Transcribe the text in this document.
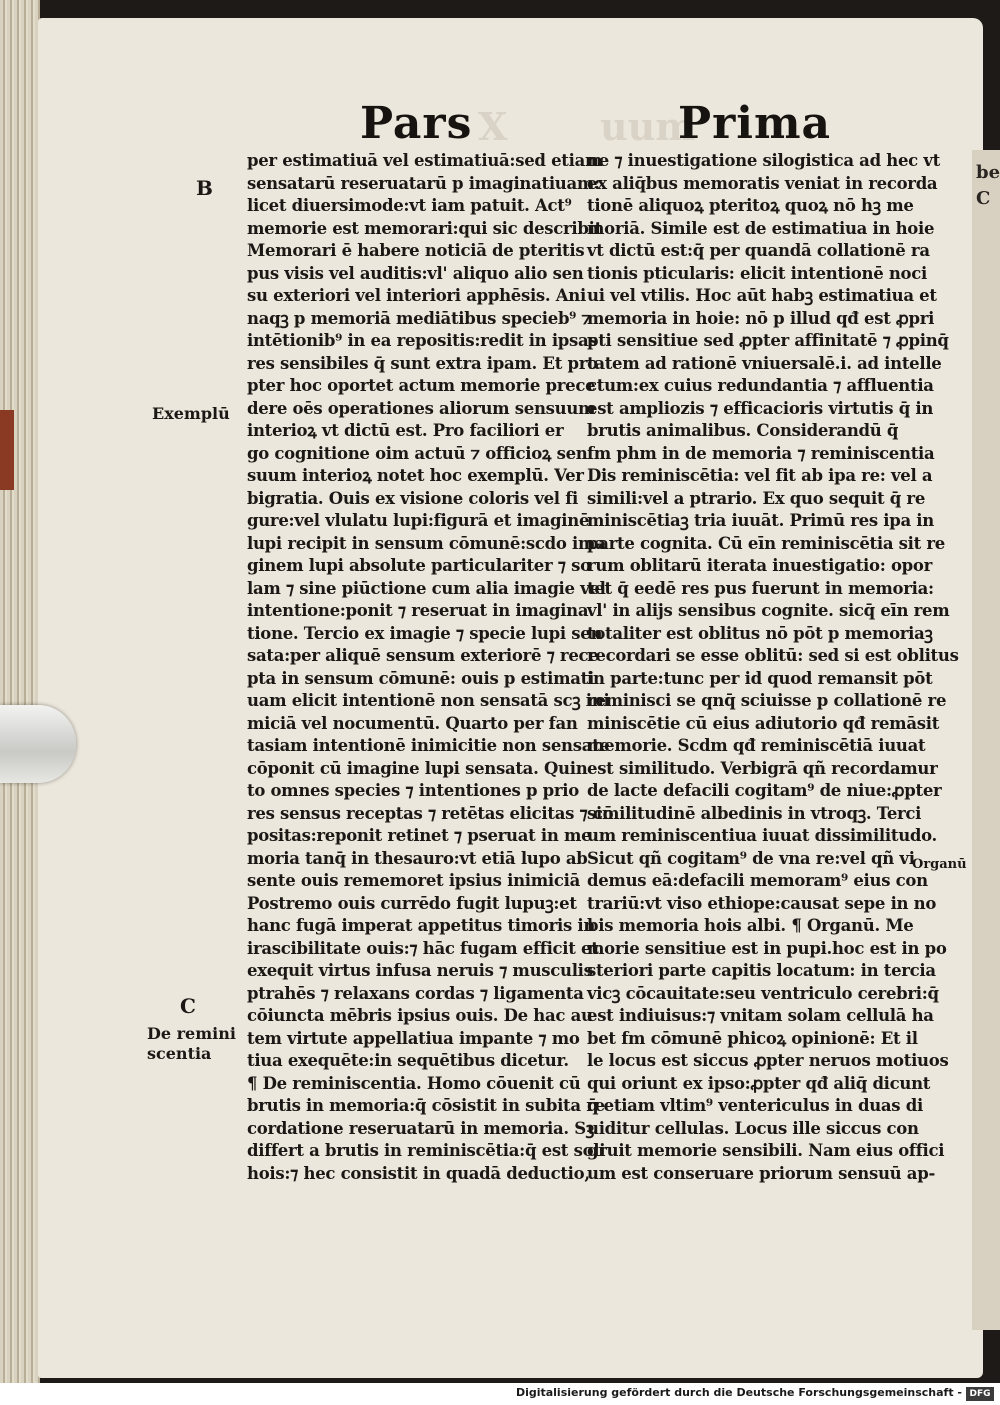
be
C
X uum
Pars	Prima
B
Exemplū
C
De remini
scentia
Organū
per estimatiuā vel estimatiuā:sed etiam
sensatarū reseruatarū p imaginatiuam:
licet diuersimode:vt iam patuit. Act⁹
memorie est memorari:qui sic describit
Memorari ē habere noticiā de pteritis
pus visis vel auditis:vl' aliquo alio sen
su exteriori vel interiori apphēsis. Ani
naqꝫ p memoriā mediātibus specieb⁹ ⁊
intētionib⁹ in ea repositis:redit in ipsas
res sensibiles q̄ sunt extra ipam. Et pro
pter hoc oportet actum memorie prece
dere oēs operationes aliorum sensuum
interioꝝ vt dictū est. Pro faciliori er
go cognitione oim actuū ⁊ officioꝝ sen
suum interioꝝ notet hoc exemplū. Ver
bigratia. Ouis ex visione coloris vel fi
gure:vel vlulatu lupi:figurā et imaginē
lupi recipit in sensum cōmunē:scdo ima
ginem lupi absolute particulariter ⁊ so
lam ⁊ sine piūctione cum alia imagie vel
intentione:ponit ⁊ reseruat in imagina
tione. Tercio ex imagie ⁊ specie lupi sen
sata:per aliquē sensum exteriorē ⁊ rece
pta in sensum cōmunē: ouis p estimati
uam elicit intentionē non sensatā scꝫ ini
miciā vel nocumentū. Quarto per fan
tasiam intentionē inimicitie non sensate
cōponit cū imagine lupi sensata. Quin
to omnes species ⁊ intentiones p prio
res sensus receptas ⁊ retētas elicitas ⁊ cō
positas:reponit retinet ⁊ pseruat in me
moria tanq̄ in thesauro:vt etiā lupo ab
sente ouis rememoret ipsius inimiciā
Postremo ouis currēdo fugit lupuꝫ:et
hanc fugā imperat appetitus timoris in
irascibilitate ouis:⁊ hāc fugam efficit et
exequit virtus infusa neruis ⁊ musculis
ptrahēs ⁊ relaxans cordas ⁊ ligamenta
cōiuncta mēbris ipsius ouis. De hac au
tem virtute appellatiua impante ⁊ mo
tiua exequēte:in sequētibus dicetur.
¶ De reminiscentia. Homo cōuenit cū
brutis in memoria:q̄ cōsistit in subita re
cordatione reseruatarū in memoria. Sꝫ
differt a brutis in reminiscētia:q̄ est soli
hois:⁊ hec consistit in quadā deductio,
ne ⁊ inuestigatione silogistica ad hec vt
ex aliq̄bus memoratis veniat in recorda
tionē aliquoꝝ pteritoꝝ quoꝝ nō hꝫ me
moriā. Simile est de estimatiua in hoie
vt dictū est:q̄ per quandā collationē ra
tionis pticularis: elicit intentionē noci
ui vel vtilis. Hoc aūt habꝫ estimatiua et
memoria in hoie: nō p illud qđ est ꝓpri
pti sensitiue sed ꝓpter affinitatē ⁊ ꝓpinq̄
tatem ad rationē vniuersalē.i. ad intelle
ctum:ex cuius redundantia ⁊ affluentia
est ampliozis ⁊ efficacioris virtutis q̄ in
brutis animalibus. Considerandū q̄
fm phm in de memoria ⁊ reminiscentia
Dis reminiscētia: vel fit ab ipa re: vel a
simili:vel a ptrario. Ex quo sequit q̄ re
miniscētiaꝫ tria iuuāt. Primū res ipa in
parte cognita. Cū eīn reminiscētia sit re
rum oblitarū iterata inuestigatio: opor
tet q̄ eedē res pus fuerunt in memoria:
vl' in alijs sensibus cognite. sicq̄ eīn rem
totaliter est oblitus nō pōt p memoriaꝫ
recordari se esse oblitū: sed si est oblitus
in parte:tunc per id quod remansit pōt
reminisci se qnq̄ sciuisse p collationē re
miniscētie cū eius adiutorio qđ remāsit
memorie. Scdm qđ reminiscētiā iuuat
est similitudo. Verbigrā qñ recordamur
de lacte defacili cogitam⁹ de niue:ꝓpter
similitudinē albedinis in vtroqꝫ. Terci
um reminiscentiua iuuat dissimilitudo.
Sicut qñ cogitam⁹ de vna re:vel qñ vi
demus eā:defacili memoram⁹ eius con
trariū:vt viso ethiope:causat sepe in no
bis memoria hois albi. ¶ Organū. Me
morie sensitiue est in pupi.hoc est in po
steriori parte capitis locatum: in tercia
vicꝫ cōcauitate:seu ventriculo cerebri:q̄
est indiuisus:⁊ vnitam solam cellulā ha
bet fm cōmunē phicoꝝ opinionē: Et il
le locus est siccus ꝓpter neruos motiuos
qui oriunt ex ipso:ꝓpter qđ aliq̄ dicunt
q̄ etiam vltim⁹ ventericulus in duas di
uiditur cellulas. Locus ille siccus con
gruit memorie sensibili. Nam eius offici
um est conseruare priorum sensuū ap-
Digitalisierung gefördert durch die Deutsche Forschungsgemeinschaft - DFG
